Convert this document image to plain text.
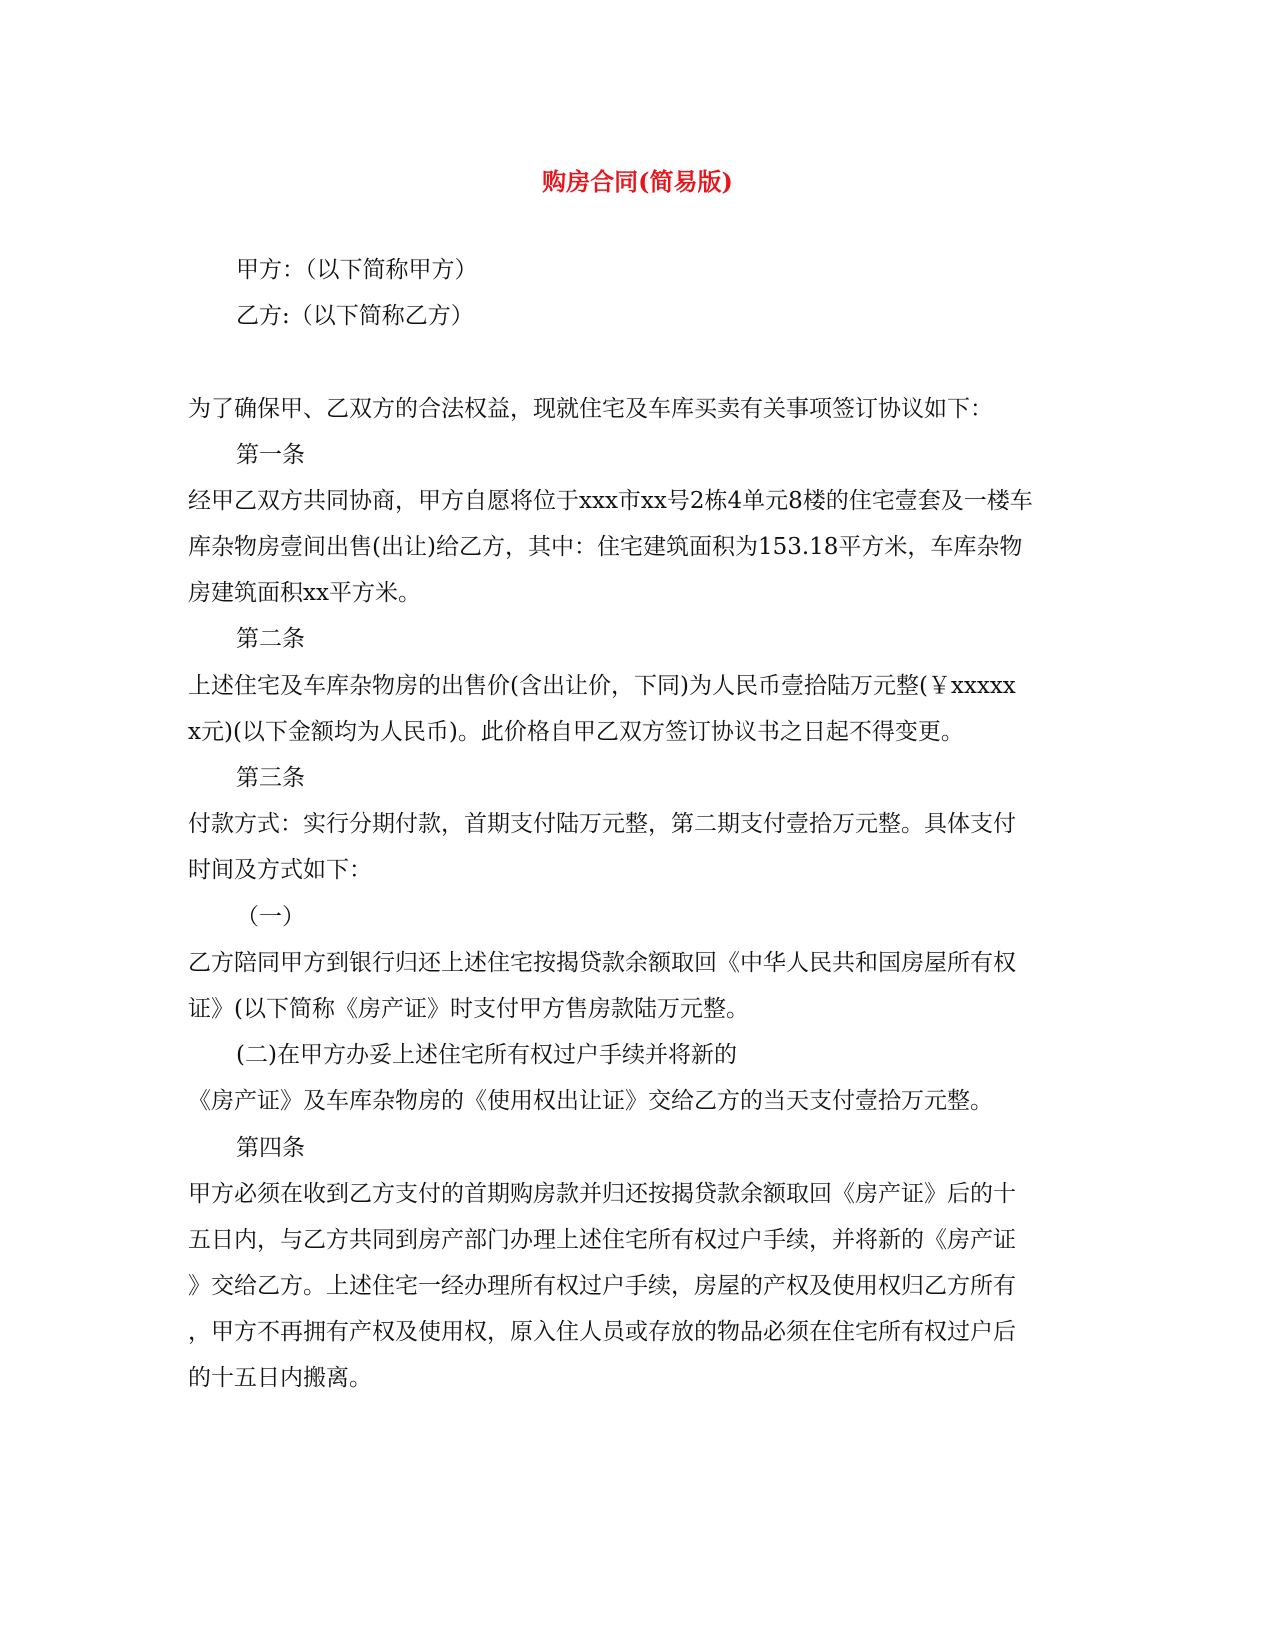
购房合同(简易版)
甲方：（以下简称甲方）
乙方:（以下简称乙方）
为了确保甲、乙双方的合法权益，现就住宅及车库买卖有关事项签订协议如下：
第一条
经甲乙双方共同协商，甲方自愿将位于xxx市xx号2栋4单元8楼的住宅壹套及一楼车
库杂物房壹间出售(出让)给乙方，其中：住宅建筑面积为153.18平方米，车库杂物
房建筑面积xx平方米。
第二条
上述住宅及车库杂物房的出售价(含出让价，下同)为人民币壹拾陆万元整(￥xxxxx
x元)(以下金额均为人民币)。此价格自甲乙双方签订协议书之日起不得变更。
第三条
付款方式：实行分期付款，首期支付陆万元整，第二期支付壹拾万元整。具体支付
时间及方式如下：
（一）
乙方陪同甲方到银行归还上述住宅按揭贷款余额取回《中华人民共和国房屋所有权
证》(以下简称《房产证》时支付甲方售房款陆万元整。
(二)在甲方办妥上述住宅所有权过户手续并将新的
《房产证》及车库杂物房的《使用权出让证》交给乙方的当天支付壹拾万元整。
第四条
甲方必须在收到乙方支付的首期购房款并归还按揭贷款余额取回《房产证》后的十
五日内，与乙方共同到房产部门办理上述住宅所有权过户手续，并将新的《房产证
》交给乙方。上述住宅一经办理所有权过户手续，房屋的产权及使用权归乙方所有
，甲方不再拥有产权及使用权，原入住人员或存放的物品必须在住宅所有权过户后
的十五日内搬离。
